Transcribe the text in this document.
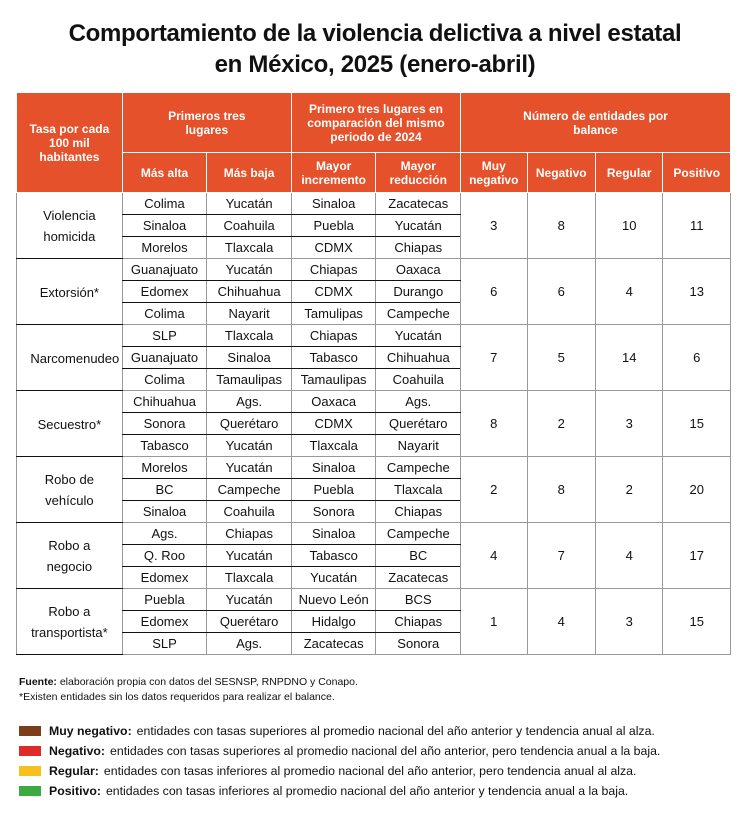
Comportamiento de la violencia delictiva a nivel estatal
en México, 2025 (enero-abril)
Tasa por cada 100 mil habitantes	Primeros tres lugares		Primero tres lugares en comparación del mismo periodo de 2024		Número de entidades por balance			
	Más alta	Más baja	Mayor incremento	Mayor reducción	Muy negativo	Negativo	Regular	Positivo
Violencia homicida	Colima	Yucatán	Sinaloa	Zacatecas	3	8	10	11
	Sinaloa	Coahuila	Puebla	Yucatán				
	Morelos	Tlaxcala	CDMX	Chiapas				
Extorsión*	Guanajuato	Yucatán	Chiapas	Oaxaca	6	6	4	13
	Edomex	Chihuahua	CDMX	Durango				
	Colima	Nayarit	Tamulipas	Campeche				
Narcomenudeo	SLP	Tlaxcala	Chiapas	Yucatán	7	5	14	6
	Guanajuato	Sinaloa	Tabasco	Chihuahua				
	Colima	Tamaulipas	Tamaulipas	Coahuila				
Secuestro*	Chihuahua	Ags.	Oaxaca	Ags.	8	2	3	15
	Sonora	Querétaro	CDMX	Querétaro				
	Tabasco	Yucatán	Tlaxcala	Nayarit				
Robo de vehículo	Morelos	Yucatán	Sinaloa	Campeche	2	8	2	20
	BC	Campeche	Puebla	Tlaxcala				
	Sinaloa	Coahuila	Sonora	Chiapas				
Robo a negocio	Ags.	Chiapas	Sinaloa	Campeche	4	7	4	17
	Q. Roo	Yucatán	Tabasco	BC				
	Edomex	Tlaxcala	Yucatán	Zacatecas				
Robo a transportista*	Puebla	Yucatán	Nuevo León	BCS	1	4	3	15
	Edomex	Querétaro	Hidalgo	Chiapas				
	SLP	Ags.	Zacatecas	Sonora				
Fuente: elaboración propia con datos del SESNSP, RNPDNO y Conapo.
*Existen entidades sin los datos requeridos para realizar el balance.
Muy negativo: entidades con tasas superiores al promedio nacional del año anterior y tendencia anual al alza.
Negativo: entidades con tasas superiores al promedio nacional del año anterior, pero tendencia anual a la baja.
Regular: entidades con tasas inferiores al promedio nacional del año anterior, pero tendencia anual al alza.
Positivo: entidades con tasas inferiores al promedio nacional del año anterior y tendencia anual a la baja.
